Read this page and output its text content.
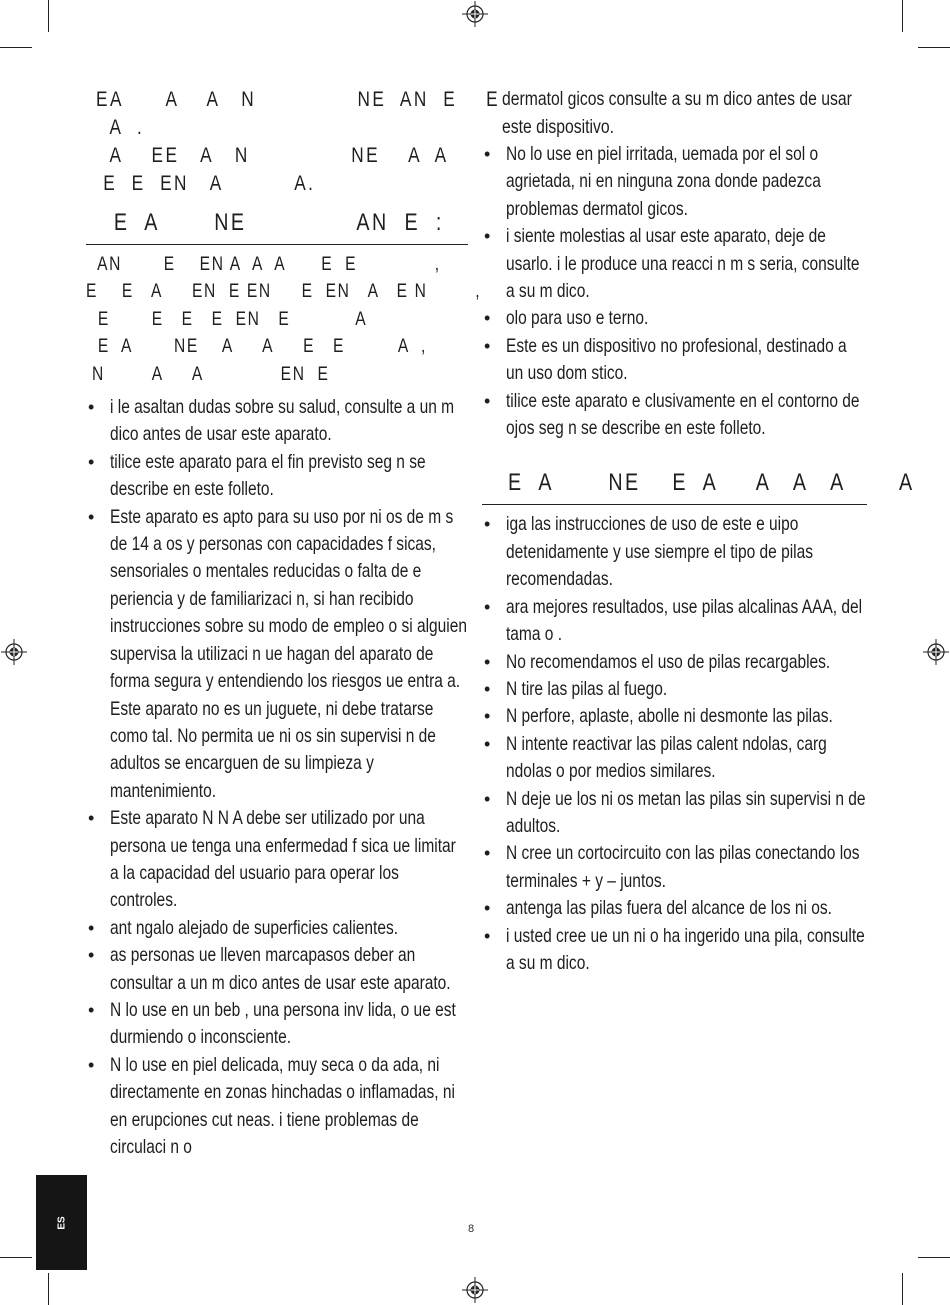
EA      A    A   N              NE  AN  E    E
A  .
A    EE   A   N              NE    A  A
E  E  EN   A          A.
E  A       NE              AN  E  :
AN       E    EN A  A  A      E  E             ,
E    E   A     EN  E EN     E  EN   A   E N        ,
E       E   E   E  EN   E           A
E  A       NE    A     A     E   E         A  ,
N        A     A             EN  E
• i le asaltan dudas sobre su salud, consulte a un m dico antes de usar este aparato.
• tilice este aparato para el fin previsto seg n se describe en este folleto.
• Este aparato es apto para su uso por ni os de m s de 14 a os y personas con capacidades f sicas, sensoriales o mentales reducidas o falta de e periencia y de familiarizaci n, si han recibido instrucciones sobre su modo de empleo o si alguien supervisa la utilizaci n ue hagan del aparato de forma segura y entendiendo los riesgos ue entra a. Este aparato no es un juguete, ni debe tratarse como tal. No permita ue ni os sin supervisi n de adultos se encarguen de su limpieza y mantenimiento.
• Este aparato N N A debe ser utilizado por una persona ue tenga una enfermedad f sica ue limitar a la capacidad del usuario para operar los controles.
• ant ngalo alejado de superficies calientes.
• as personas ue lleven marcapasos deber an consultar a un m dico antes de usar este aparato.
• N lo use en un beb , una persona inv lida, o ue est durmiendo o inconsciente.
• N lo use en piel delicada, muy seca o da ada, ni directamente en zonas hinchadas o inflamadas, ni en erupciones cut neas. i tiene problemas de circulaci n o
dermatol gicos consulte a su m dico antes de usar este dispositivo.
• No lo use en piel irritada, uemada por el sol o agrietada, ni en ninguna zona donde padezca problemas dermatol gicos.
• i siente molestias al usar este aparato, deje de usarlo. i le produce una reacci n m s seria, consulte a su m dico.
• olo para uso e terno.
• Este es un dispositivo no profesional, destinado a un uso dom stico.
• tilice este aparato e clusivamente en el contorno de ojos seg n se describe en este folleto.
E  A       NE    E  A     A   A   A       A
• iga las instrucciones de uso de este e uipo detenidamente y use siempre el tipo de pilas recomendadas.
• ara mejores resultados, use pilas alcalinas AAA, del tama o .
• No recomendamos el uso de pilas recargables.
• N tire las pilas al fuego.
• N perfore, aplaste, abolle ni desmonte las pilas.
• N intente reactivar las pilas calent ndolas, carg ndolas o por medios similares.
• N deje ue los ni os metan las pilas sin supervisi n de adultos.
• N cree un cortocircuito con las pilas conectando los terminales + y – juntos.
• antenga las pilas fuera del alcance de los ni os.
• i usted cree ue un ni o ha ingerido una pila, consulte a su m dico.
ES	8
